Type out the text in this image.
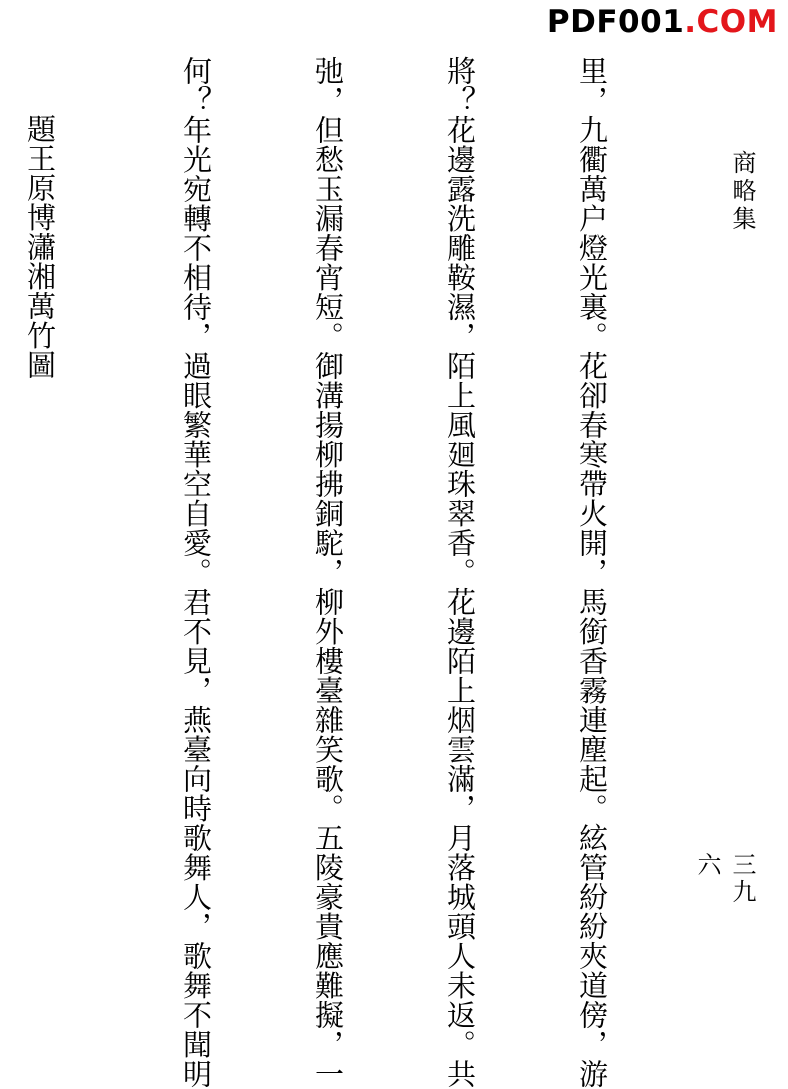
PDF001.COM
商略集
三九六

里，九衢萬户燈光裏。花卻春寒帶火開，馬銜香霧連塵起。絃管紛紛夾道傍，游

將？花邊露洗雕鞍濕，陌上風廻珠翠香。花邊陌上烟雲滿，月落城頭人未返。共

弛，但愁玉漏春宵短。御溝揚柳拂銅駝，柳外樓臺雜笑歌。五陵豪貴應難擬，一

何？年光宛轉不相待，過眼繁華空自愛。君不見，燕臺向時歌舞人，歌舞不聞明

題王原博瀟湘萬竹圖
